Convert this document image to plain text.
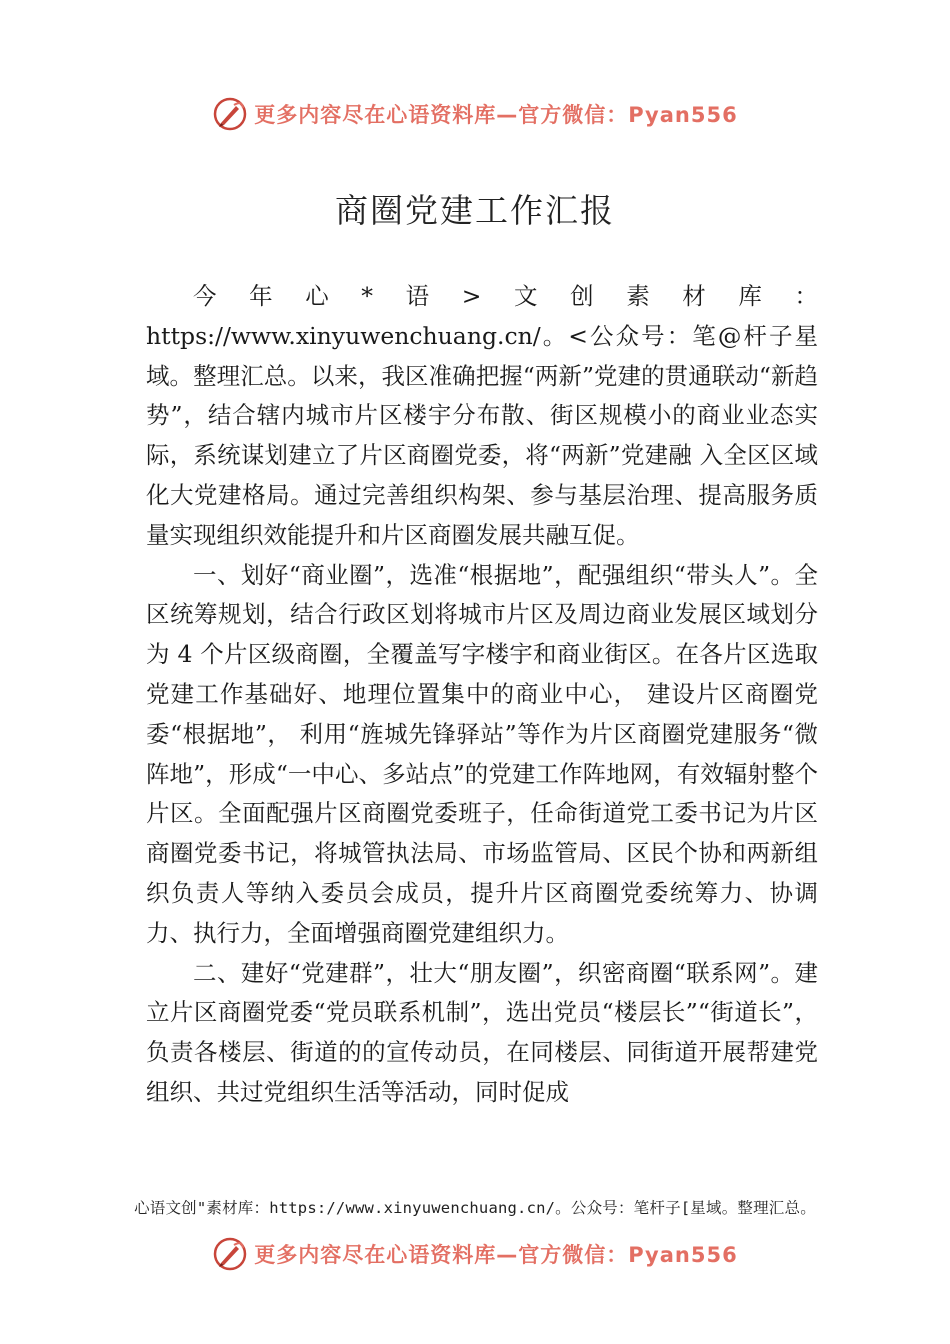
更多内容尽在心语资料库—官方微信：Pyan556
商圈党建工作汇报

今年心*语>文创素材库：https://www.xinyuwenchuang.cn/。<公众号：笔@杆子星域。整理汇总。以来，我区准确把握“两新”党建的贯通联动“新趋势”，结合辖内城市片区楼宇分布散、街区规模小的商业业态实际，系统谋划建立了片区商圈党委，将“两新”党建融 入全区区域化大党建格局。通过完善组织构架、参与基层治理、提高服务质量实现组织效能提升和片区商圈发展共融互促。

一、划好“商业圈”，选准“根据地”，配强组织“带头人”。全区统筹规划，结合行政区划将城市片区及周边商业发展区域划分为 4 个片区级商圈，全覆盖写字楼宇和商业街区。在各片区选取党建工作基础好、地理位置集中的商业中心， 建设片区商圈党委“根据地”， 利用“旌城先锋驿站”等作为片区商圈党建服务“微阵地”，形成“一中心、多站点”的党建工作阵地网，有效辐射整个片区。全面配强片区商圈党委班子，任命街道党工委书记为片区商圈党委书记，将城管执法局、市场监管局、区民个协和两新组织负责人等纳入委员会成员，提升片区商圈党委统筹力、协调力、执行力，全面增强商圈党建组织力。

二、建好“党建群”，壮大“朋友圈”，织密商圈“联系网”。建立片区商圈党委“党员联系机制”，选出党员“楼层长”“街道长”，负责各楼层、街道的的宣传动员，在同楼层、同街道开展帮建党组织、共过党组织生活等活动，同时促成

心语文创"素材库：https://www.xinyuwenchuang.cn/。公众号：笔杆子[星域。整理汇总。
更多内容尽在心语资料库—官方微信：Pyan556
